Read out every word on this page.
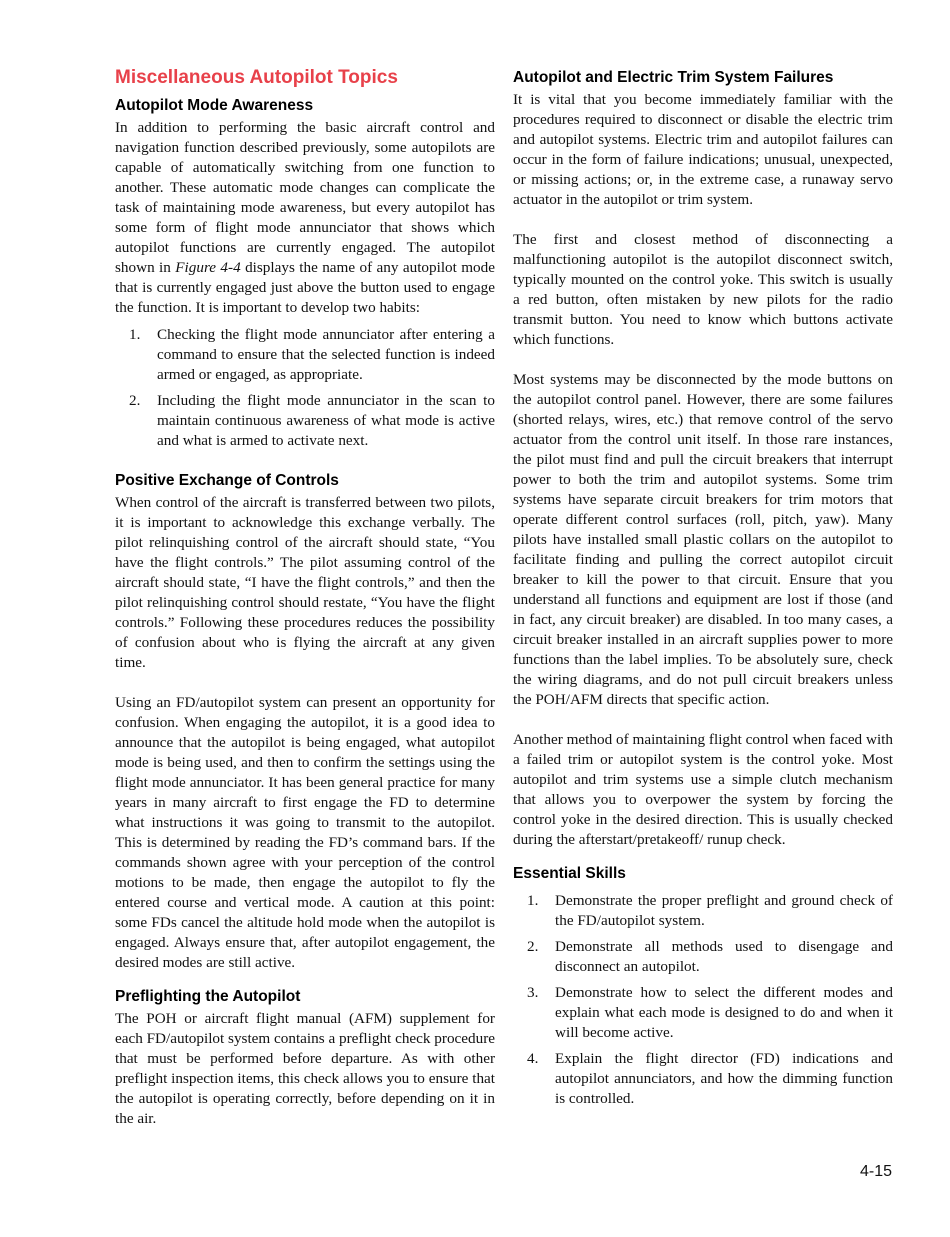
Miscellaneous Autopilot Topics
Autopilot Mode Awareness

In addition to performing the basic aircraft control and navigation function described previously, some autopilots are capable of automatically switching from one function to another. These automatic mode changes can complicate the task of maintaining mode awareness, but every autopilot has some form of flight mode annunciator that shows which autopilot functions are currently engaged. The autopilot shown in Figure 4-4 displays the name of any autopilot mode that is currently engaged just above the button used to engage the function. It is important to develop two habits:

1.	Checking the flight mode annunciator after entering a command to ensure that the selected function is indeed armed or engaged, as appropriate.
2.	Including the flight mode annunciator in the scan to maintain continuous awareness of what mode is active and what is armed to activate next.
Positive Exchange of Controls

When control of the aircraft is transferred between two pilots, it is important to acknowledge this exchange verbally. The pilot relinquishing control of the aircraft should state, “You have the flight controls.” The pilot assuming control of the aircraft should state, “I have the flight controls,” and then the pilot relinquishing control should restate, “You have the flight controls.” Following these procedures reduces the possibility of confusion about who is flying the aircraft at any given time.

Using an FD/autopilot system can present an opportunity for confusion. When engaging the autopilot, it is a good idea to announce that the autopilot is being engaged, what autopilot mode is being used, and then to confirm the settings using the flight mode annunciator. It has been general practice for many years in many aircraft to first engage the FD to determine what instructions it was going to transmit to the autopilot. This is determined by reading the FD’s command bars. If the commands shown agree with your perception of the control motions to be made, then engage the autopilot to fly the entered course and vertical mode. A caution at this point: some FDs cancel the altitude hold mode when the autopilot is engaged. Always ensure that, after autopilot engagement, the desired modes are still active.

Preflighting the Autopilot

The POH or aircraft flight manual (AFM) supplement for each FD/autopilot system contains a preflight check procedure that must be performed before departure. As with other preflight inspection items, this check allows you to ensure that the autopilot is operating correctly, before depending on it in the air.

Autopilot and Electric Trim System Failures

It is vital that you become immediately familiar with the procedures required to disconnect or disable the electric trim and autopilot systems. Electric trim and autopilot failures can occur in the form of failure indications; unusual, unexpected, or missing actions; or, in the extreme case, a runaway servo actuator in the autopilot or trim system.

The first and closest method of disconnecting a malfunctioning autopilot is the autopilot disconnect switch, typically mounted on the control yoke. This switch is usually a red button, often mistaken by new pilots for the radio transmit button. You need to know which buttons activate which functions.

Most systems may be disconnected by the mode buttons on the autopilot control panel. However, there are some failures (shorted relays, wires, etc.) that remove control of the servo actuator from the control unit itself. In those rare instances, the pilot must find and pull the circuit breakers that interrupt power to both the trim and autopilot systems. Some trim systems have separate circuit breakers for trim motors that operate different control surfaces (roll, pitch, yaw). Many pilots have installed small plastic collars on the autopilot to facilitate finding and pulling the correct autopilot circuit breaker to kill the power to that circuit. Ensure that you understand all functions and equipment are lost if those (and in fact, any circuit breaker) are disabled. In too many cases, a circuit breaker installed in an aircraft supplies power to more functions than the label implies. To be absolutely sure, check the wiring diagrams, and do not pull circuit breakers unless the POH/AFM directs that specific action.

Another method of maintaining flight control when faced with a failed trim or autopilot system is the control yoke. Most autopilot and trim systems use a simple clutch mechanism that allows you to overpower the system by forcing the control yoke in the desired direction. This is usually checked during the afterstart/pretakeoff/ runup check.

Essential Skills
1.	Demonstrate the proper preflight and ground check of the FD/autopilot system.
2.	Demonstrate all methods used to disengage and disconnect an autopilot.
3.	Demonstrate how to select the different modes and explain what each mode is designed to do and when it will become active.
4.	Explain the flight director (FD) indications and autopilot annunciators, and how the dimming function is controlled.
4-15
